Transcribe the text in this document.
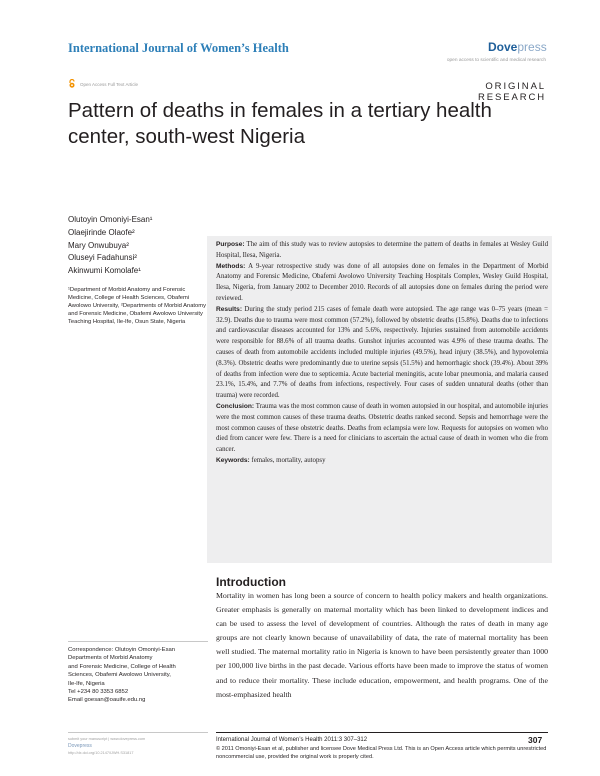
International Journal of Women’s Health	Dovepress
open access to scientific and medical research
Open Access Full Text Article	ORIGINAL RESEARCH
Pattern of deaths in females in a tertiary health center, south-west Nigeria
Olutoyin Omoniyi-Esan¹
Olaejirinde Olaofe²
Mary Onwubuya²
Oluseyi Fadahunsi²
Akinwumi Komolafe¹
¹Department of Morbid Anatomy and Forensic Medicine, College of Health Sciences, Obafemi Awolowo University, ²Departments of Morbid Anatomy and Forensic Medicine, Obafemi Awolowo University Teaching Hospital, Ile-Ife, Osun State, Nigeria

Purpose: The aim of this study was to review autopsies to determine the pattern of deaths in females at Wesley Guild Hospital, Ilesa, Nigeria.

Methods: A 9-year retrospective study was done of all autopsies done on females in the Department of Morbid Anatomy and Forensic Medicine, Obafemi Awolowo University Teaching Hospitals Complex, Wesley Guild Hospital, Ilesa, Nigeria, from January 2002 to December 2010. Records of all autopsies done on females during the period were reviewed.

Results: During the study period 215 cases of female death were autopsied. The age range was 0–75 years (mean = 32.9). Deaths due to trauma were most common (57.2%), followed by obstetric deaths (15.8%). Deaths due to infections and cardiovascular diseases accounted for 13% and 5.6%, respectively. Injuries sustained from automobile accidents were responsible for 88.6% of all trauma deaths. Gunshot injuries accounted was 4.9% of these trauma deaths. The causes of death from automobile accidents included multiple injuries (49.5%), head injury (38.5%), and hypovolemia (8.3%). Obstetric deaths were predominantly due to uterine sepsis (51.5%) and hemorrhagic shock (39.4%). About 39% of deaths from infection were due to septicemia. Acute bacterial meningitis, acute lobar pneumonia, and malaria caused 23.1%, 15.4%, and 7.7% of deaths from infections, respectively. Four cases of sudden unnatural deaths (other than trauma) were recorded.

Conclusion: Trauma was the most common cause of death in women autopsied in our hospital, and automobile injuries were the most common causes of these trauma deaths. Obstetric deaths ranked second. Sepsis and hemorrhage were the most common causes of these obstetric deaths. Deaths from eclampsia were low. Requests for autopsies on women who died from cancer were few. There is a need for clinicians to ascertain the actual cause of death in women who die from cancer.

Keywords: females, mortality, autopsy

Introduction
Mortality in women has long been a source of concern to health policy makers and health organizations. Greater emphasis is generally on maternal mortality which has been linked to development indices and can be used to assess the level of development of countries. Although the rates of death in many age groups are not clearly known because of unavailability of data, the rate of maternal mortality has been well studied. The maternal mortality ratio in Nigeria is known to have been persistently greater than 1000 per 100,000 live births in the past decade. Various efforts have been made to improve the status of women and to reduce their mortality. These include education, empowerment, and health programs. One of the most-emphasized health
Correspondence: Olutoyin Omoniyi-Esan
Departments of Morbid Anatomy
and Forensic Medicine, College of Health
Sciences, Obafemi Awolowo University,
Ile-Ife, Nigeria
Tel +234 80 3353 6852
Email goesan@oauife.edu.ng
submit your manuscript | www.dovepress.com
Dovepress
http://dx.doi.org/10.2147/IJWH.S31817
International Journal of Women’s Health 2011:3 307–312	307
© 2011 Omoniyi-Esan et al, publisher and licensee Dove Medical Press Ltd. This is an Open Access article which permits unrestricted noncommercial use, provided the original work is properly cited.
